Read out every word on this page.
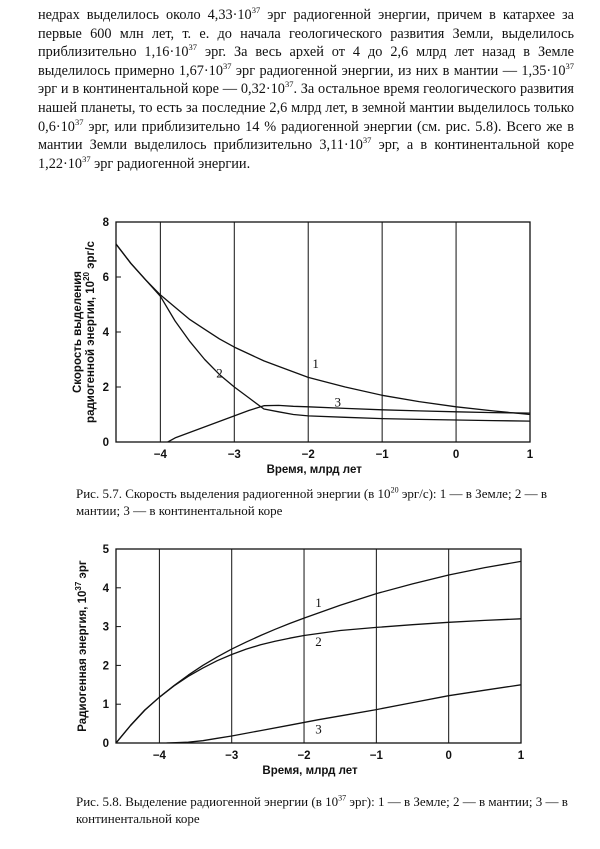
недрах выделилось около $4,33\cdot 10^{37}$ эрг радиогенной энергии, причем в катархее за первые 600 млн лет, т. е. до начала геологического развития Земли, выделилось приблизительно $1,16\cdot 10^{37}$ эрг. За весь архей от 4 до 2,6 млрд лет назад в Земле выделилось примерно $1,67\cdot 10^{37}$ эрг радиогенной энергии, из них в мантии — $1,35\cdot 10^{37}$ эрг и в континентальной коре — $0,32\cdot 10^{37}$. За остальное время геологического развития нашей планеты, то есть за последние 2,6 млрд лет, в земной мантии выделилось только $0,6\cdot 10^{37}$ эрг, или приблизительно 14 % радиогенной энергии (см. рис. 5.8). Всего же в мантии Земли выделилось приблизительно $3,11\cdot 10^{37}$ эрг, а в континентальной коре $1,22\cdot 10^{37}$ эрг радиогенной энергии.
0
2
4
6
8
−4	−3	−2	−1	0	1
Время, млрд лет
Скорость выделения радиогенной энергии, $10^{20}$ эрг/с
1
2
3
Рис. 5.7. Скорость выделения радиогенной энергии (в $10^{20}$ эрг/с): 1 — в Земле; 2 — в мантии; 3 — в континентальной коре
0
1
2
3
4
5
−4	−3	−2	−1	0	1
Время, млрд лет
Радиогенная энергия, $10^{37}$ эрг
1
2
3
Рис. 5.8. Выделение радиогенной энергии (в $10^{37}$ эрг): 1 — в Земле; 2 — в мантии; 3 — в континентальной коре
